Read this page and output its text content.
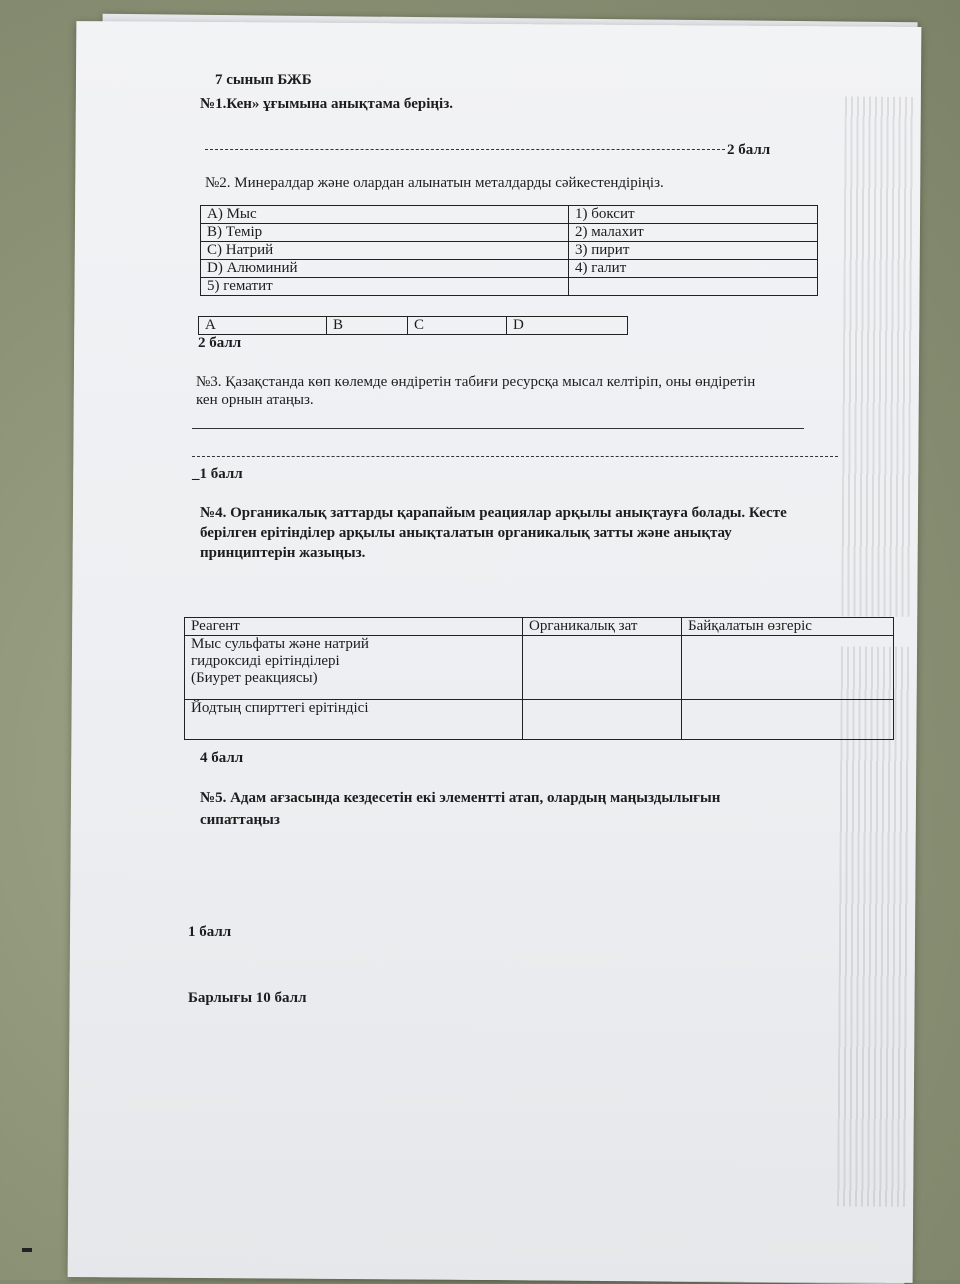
7 сынып БЖБ
№1.Кен» ұғымына анықтама беріңіз.
2 балл
№2. Минералдар және олардан алынатын металдарды сәйкестендіріңіз.
А) Мыс	1) боксит
В) Темір	2) малахит
С) Натрий	3) пирит
D) Алюминий	4) галит
5) гематит	
A	B	C	D
2 балл
№3. Қазақстанда көп көлемде өндіретін табиғи ресурсқа мысал келтіріп, оны өндіретін
кен орнын атаңыз.
_1 балл
№4. Органикалық заттарды қарапайым реациялар арқылы анықтауға болады. Кесте
берілген ерітінділер арқылы анықталатын органикалық затты және анықтау
принциптерін жазыңыз.
Реагент	Органикалық зат	Байқалатын өзгеріс

Мыс сульфаты және натрий
гидроксиді ерітінділері
(Биурет реакциясы)		

Йодтың спирттегі ерітіндісі		

4 балл
№5. Адам ағзасында кездесетін екі элементті атап, олардың маңыздылығын
сипаттаңыз
1 балл
Барлығы 10 балл
